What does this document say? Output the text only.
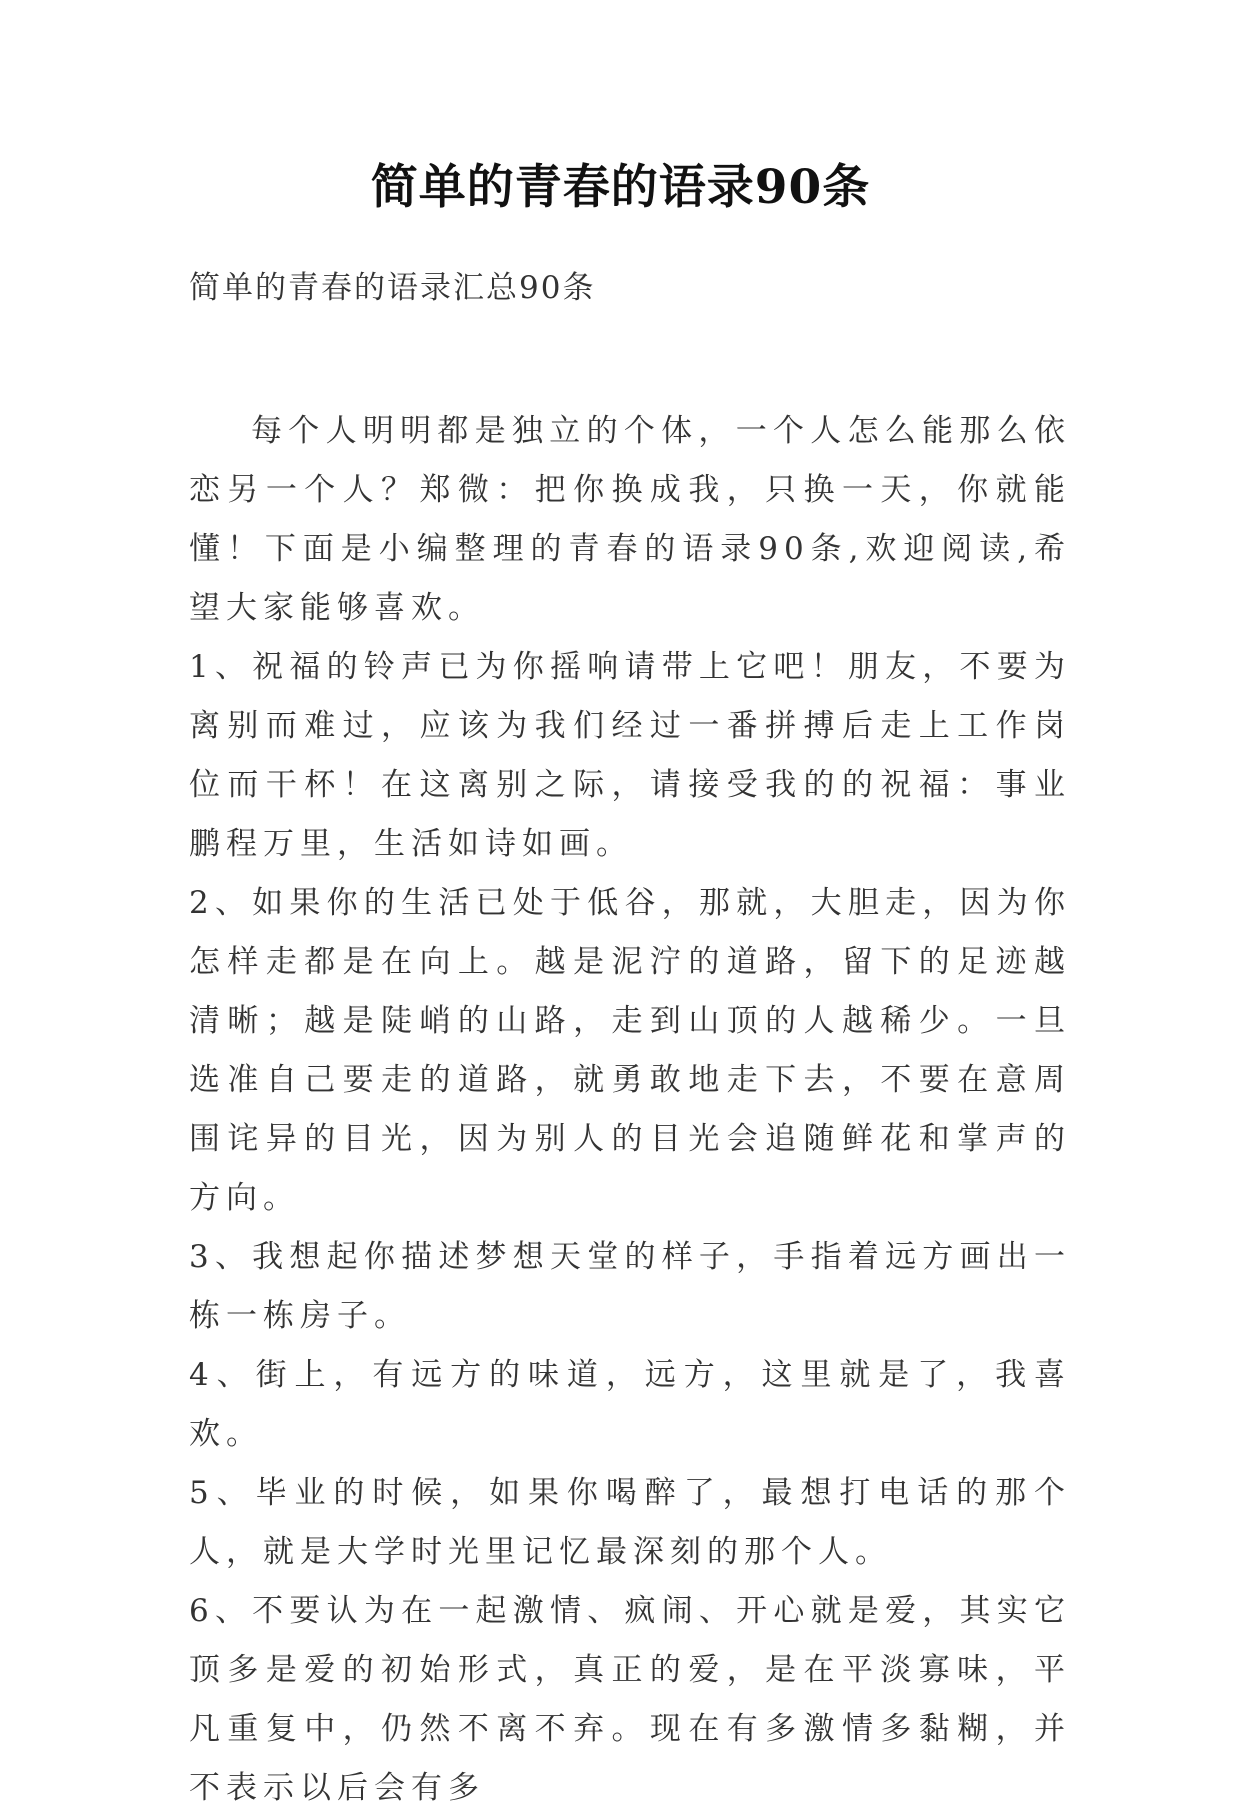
简单的青春的语录90条
简单的青春的语录汇总90条

每个人明明都是独立的个体，一个人怎么能那么依恋另一个人？郑微：把你换成我，只换一天，你就能懂！下面是小编整理的青春的语录90条,欢迎阅读,希望大家能够喜欢。

1、祝福的铃声已为你摇响请带上它吧！朋友，不要为离别而难过，应该为我们经过一番拼搏后走上工作岗位而干杯！在这离别之际，请接受我的的祝福：事业鹏程万里，生活如诗如画。

2、如果你的生活已处于低谷，那就，大胆走，因为你怎样走都是在向上。越是泥泞的道路，留下的足迹越清晰；越是陡峭的山路，走到山顶的人越稀少。一旦选准自己要走的道路，就勇敢地走下去，不要在意周围诧异的目光，因为别人的目光会追随鲜花和掌声的方向。

3、我想起你描述梦想天堂的样子，手指着远方画出一栋一栋房子。

4、街上，有远方的味道，远方，这里就是了，我喜欢。

5、毕业的时候，如果你喝醉了，最想打电话的那个人，就是大学时光里记忆最深刻的那个人。

6、不要认为在一起激情、疯闹、开心就是爱，其实它顶多是爱的初始形式，真正的爱，是在平淡寡味，平凡重复中，仍然不离不弃。现在有多激情多黏糊，并不表示以后会有多
